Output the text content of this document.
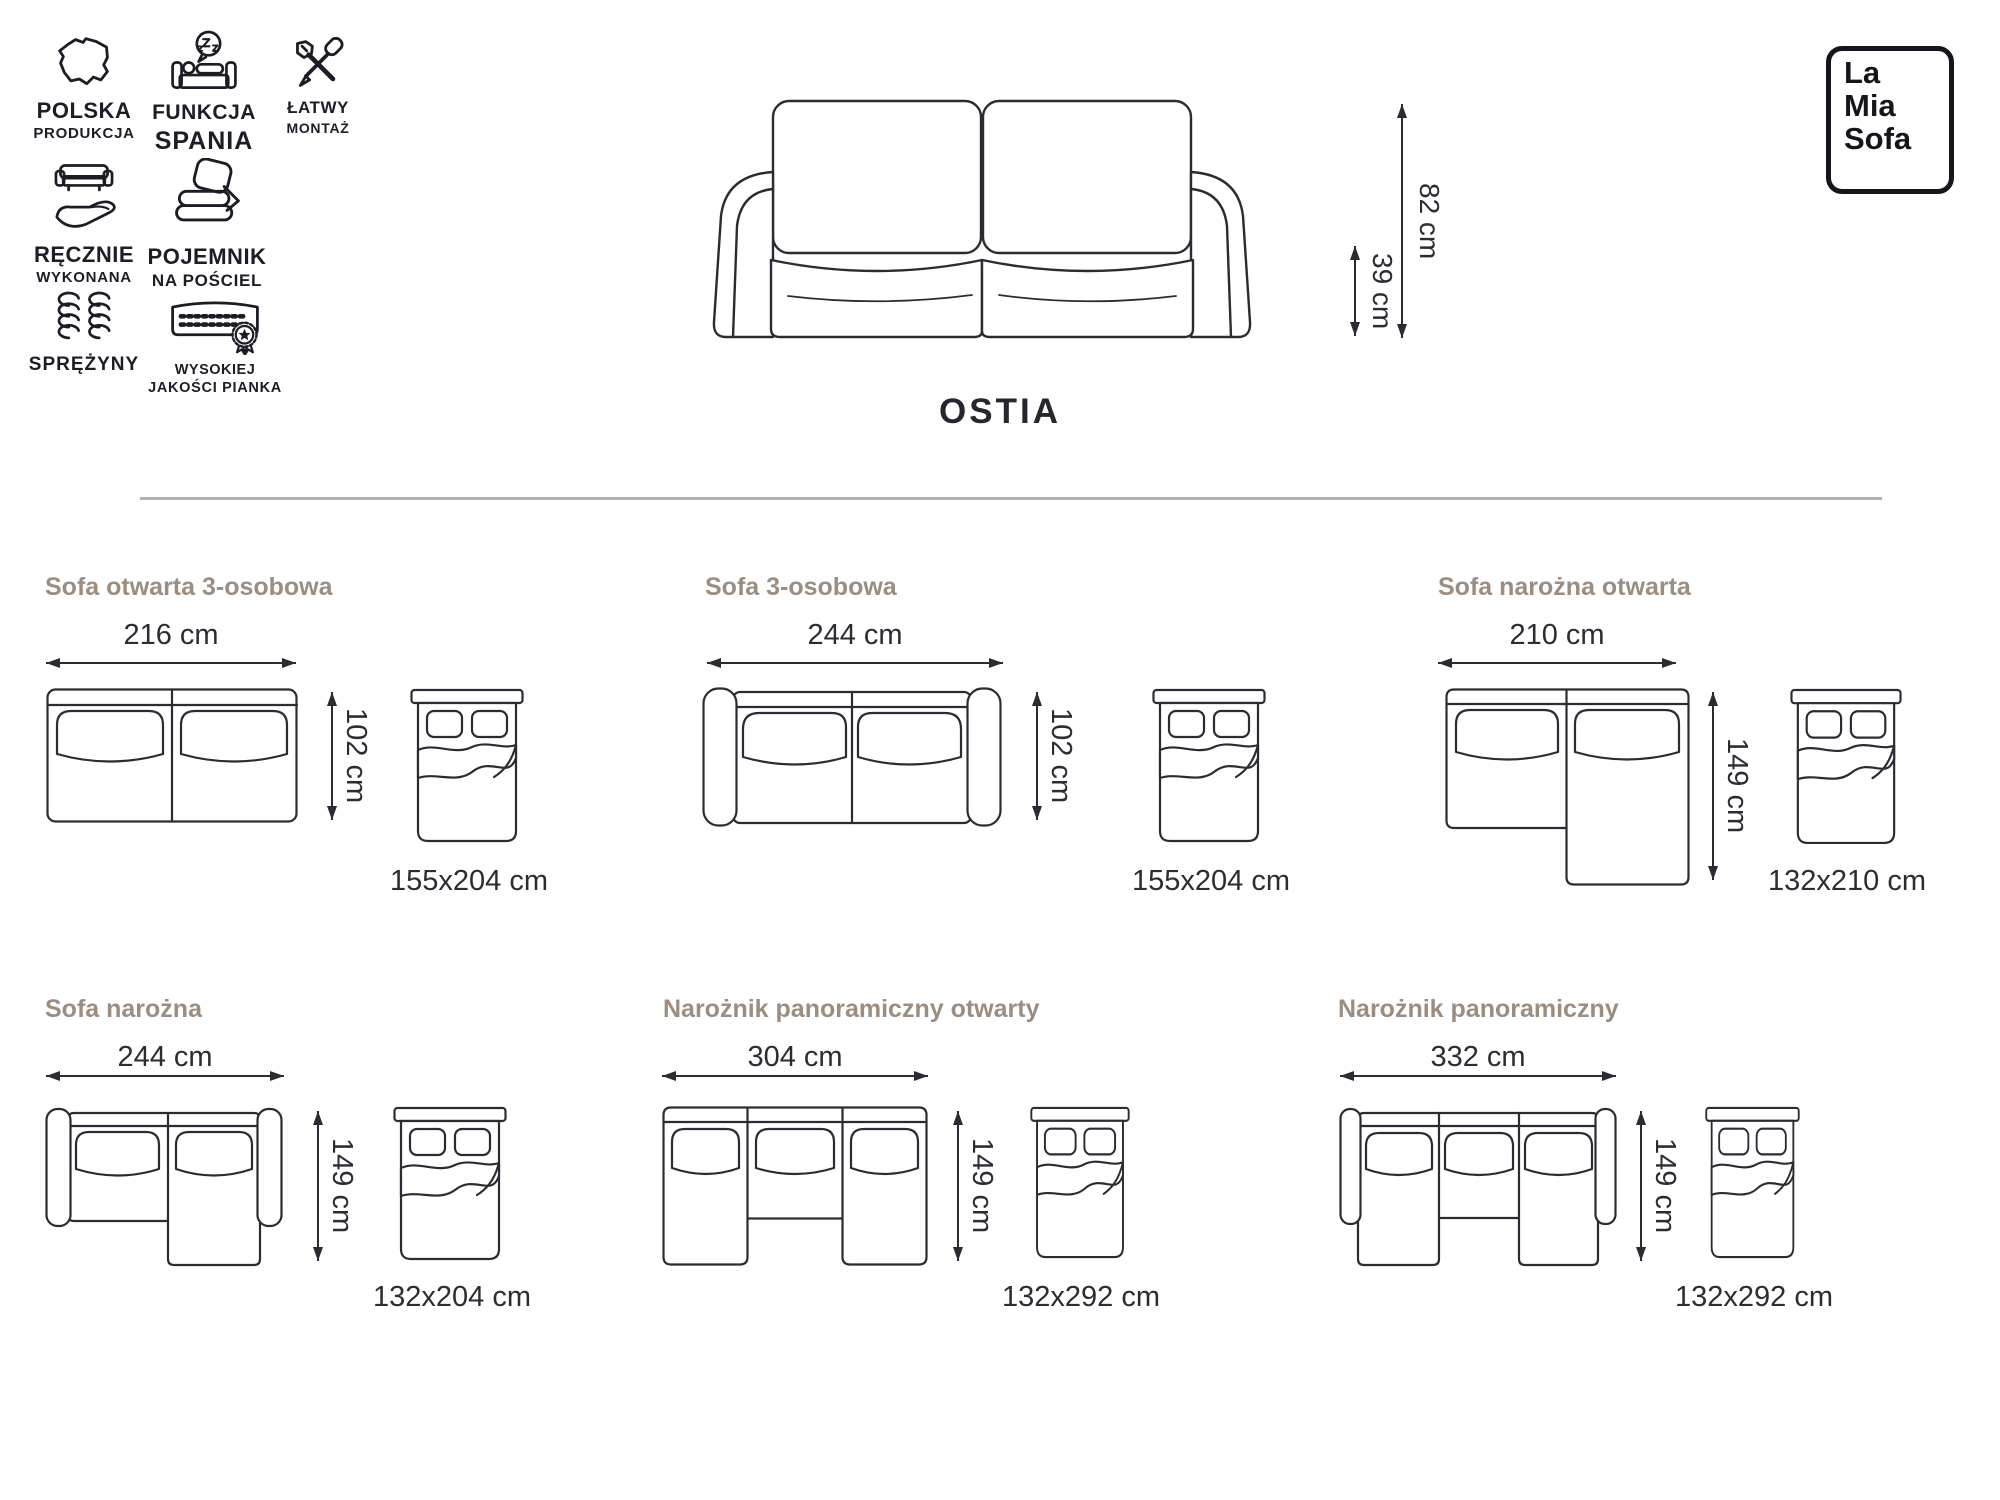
POLSKA
PRODUKCJA
FUNKCJA
SPANIA
ŁATWY
MONTAŻ
RĘCZNIE
WYKONANA
POJEMNIK
NA POŚCIEL
SPRĘŻYNY WYSOKIEJ
JAKOŚCI PIANKA
39 cm
82 cm
OSTIA
La
Mia
Sofa
Sofa otwarta 3-osobowa
216 cm
102 cm
155x204 cm
Sofa 3-osobowa
244 cm
102 cm
155x204 cm
Sofa narożna otwarta
210 cm
149 cm
132x210 cm
Sofa narożna
244 cm
149 cm
132x204 cm
Narożnik panoramiczny otwarty
304 cm
149 cm
132x292 cm
Narożnik panoramiczny
332 cm
149 cm
132x292 cm
